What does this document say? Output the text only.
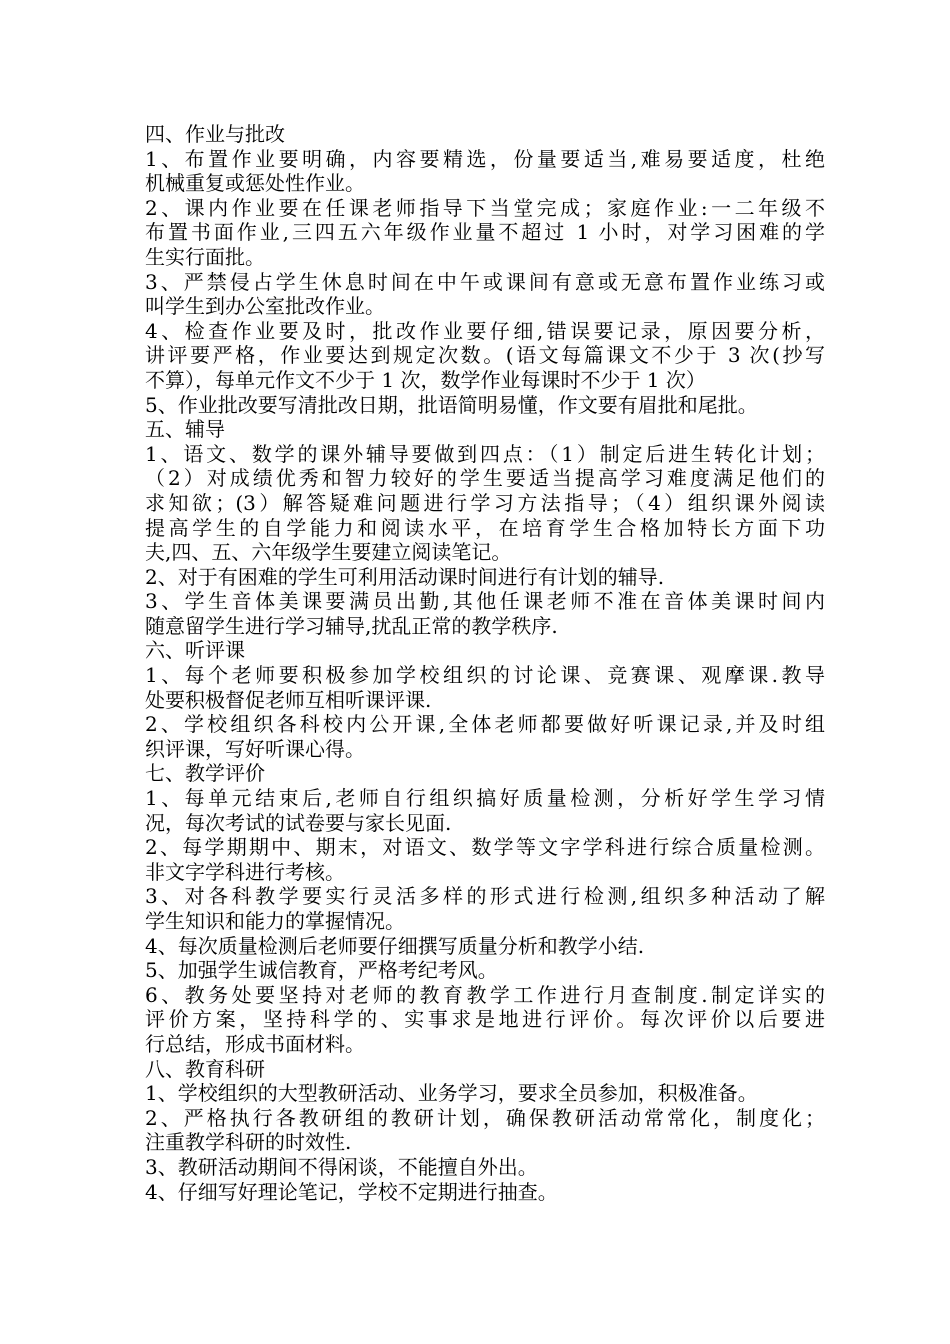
四、作业与批改
1、布置作业要明确，内容要精选，份量要适当,难易要适度，杜绝
机械重复或惩处性作业。
2、课内作业要在任课老师指导下当堂完成；家庭作业:一二年级不
布置书面作业,三四五六年级作业量不超过 1 小时，对学习困难的学
生实行面批。
3、严禁侵占学生休息时间在中午或课间有意或无意布置作业练习或
叫学生到办公室批改作业。
4、检查作业要及时，批改作业要仔细,错误要记录，原因要分析，
讲评要严格，作业要达到规定次数。(语文每篇课文不少于 3 次(抄写
不算），每单元作文不少于 1 次，数学作业每课时不少于 1 次）
5、作业批改要写清批改日期，批语简明易懂，作文要有眉批和尾批。
五、辅导
1、语文、数学的课外辅导要做到四点：（1）制定后进生转化计划；
（2）对成绩优秀和智力较好的学生要适当提高学习难度满足他们的
求知欲；(3）解答疑难问题进行学习方法指导；（4）组织课外阅读
提高学生的自学能力和阅读水平，在培育学生合格加特长方面下功
夫,四、五、六年级学生要建立阅读笔记。
2、对于有困难的学生可利用活动课时间进行有计划的辅导.
3、学生音体美课要满员出勤,其他任课老师不准在音体美课时间内
随意留学生进行学习辅导,扰乱正常的教学秩序.
六、听评课
1、每个老师要积极参加学校组织的讨论课、竞赛课、观摩课.教导
处要积极督促老师互相听课评课.
2、学校组织各科校内公开课,全体老师都要做好听课记录,并及时组
织评课，写好听课心得。
七、教学评价
1、每单元结束后,老师自行组织搞好质量检测，分析好学生学习情
况，每次考试的试卷要与家长见面.
2、每学期期中、期末，对语文、数学等文字学科进行综合质量检测。
非文字学科进行考核。
3、对各科教学要实行灵活多样的形式进行检测,组织多种活动了解
学生知识和能力的掌握情况。
4、每次质量检测后老师要仔细撰写质量分析和教学小结.
5、加强学生诚信教育，严格考纪考风。
6、教务处要坚持对老师的教育教学工作进行月查制度.制定详实的
评价方案，坚持科学的、实事求是地进行评价。每次评价以后要进
行总结，形成书面材料。
八、教育科研
1、学校组织的大型教研活动、业务学习，要求全员参加，积极准备。
2、严格执行各教研组的教研计划，确保教研活动常常化，制度化；
注重教学科研的时效性.
3、教研活动期间不得闲谈，不能擅自外出。
4、仔细写好理论笔记，学校不定期进行抽查。
